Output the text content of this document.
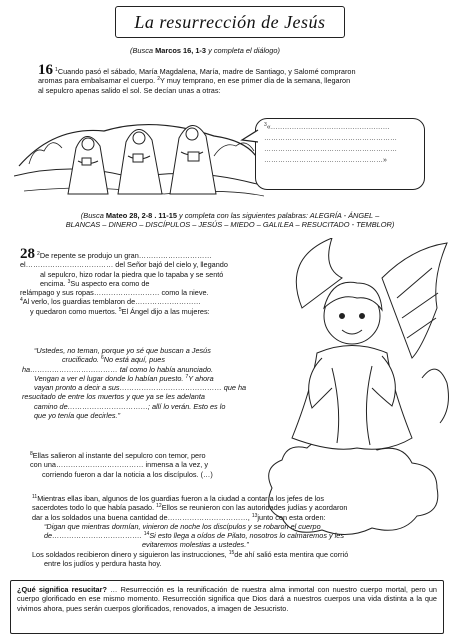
La resurrección de Jesús
(Busca Marcos 16, 1-3 y completa el diálogo)
16 $^1$Cuando pasó el sábado, María Magdalena, María, madre de Santiago, y Salomé compraron
aromas para embalsamar el cuerpo. $^2$Y muy temprano, en ese primer día de la semana, llegaron
al sepulcro apenas salido el sol. Se decían unas a otras:
$^3$«……………………………………………
…………………………………………………
…………………………………………………
……………………………………………»
(Busca Mateo 28, 2-8 . 11-15 y completa con las siguientes palabras: ALEGRÍA - ÁNGEL –
BLANCAS – DINERO – DISCÍPULOS – JESÚS – MIEDO – GALILEA – RESUCITADO - TEMBLOR)
28 $^2$De repente se produjo un gran…………………………
el……………………………… del Señor bajó del cielo y, llegando
al sepulcro, hizo rodar la piedra que lo tapaba y se sentó
encima. $^3$Su aspecto era como de
relámpago y sus ropas……………………… como la nieve.
$^4$Al verlo, los guardias temblaron de………………………
y quedaron como muertos. $^5$El Ángel dijo a las mujeres:
“Ustedes, no teman, porque yo sé que buscan a Jesús
crucificado. $^6$No está aquí, pues
ha……………………………… tal como lo había anunciado.
Vengan a ver el lugar donde lo habían puesto. $^7$Y ahora
vayan pronto a decir a sus…………………………………… que ha
resucitado de entre los muertos y que ya se les adelanta
camino de……………………………; allí lo verán. Esto es lo
que yo tenía que decirles.”
$^8$Ellas salieron al instante del sepulcro con temor, pero
con una……………………………… inmensa a la vez, y
corriendo fueron a dar la noticia a los discípulos. (…)
$^{11}$Mientras ellas iban, algunos de los guardias fueron a la ciudad a contar a los jefes de los
sacerdotes todo lo que había pasado. $^{12}$Ellos se reunieron con las autoridades judías y acordaron
dar a los soldados una buena cantidad de……………………………, $^{13}$junto con esta orden:
“Digan que mientras dormían, vinieron de noche los discípulos y se robaron el cuerpo
de………………………………. $^{14}$Si esto llega a oídos de Pilato, nosotros lo calmaremos y les
evitaremos molestias a ustedes.”
Los soldados recibieron dinero y siguieron las instrucciones, $^{15}$de ahí salió esta mentira que corrió
entre los judíos y perdura hasta hoy.
¿Qué significa resucitar? … Resurrección es la reunificación de nuestra alma inmortal con nuestro cuerpo mortal, pero un cuerpo glorificado en ese mismo momento. Resurrección significa que Dios dará a nuestros cuerpos una vida distinta a la que vivimos ahora, pues serán cuerpos glorificados, renovados, a imagen de Jesucristo.
